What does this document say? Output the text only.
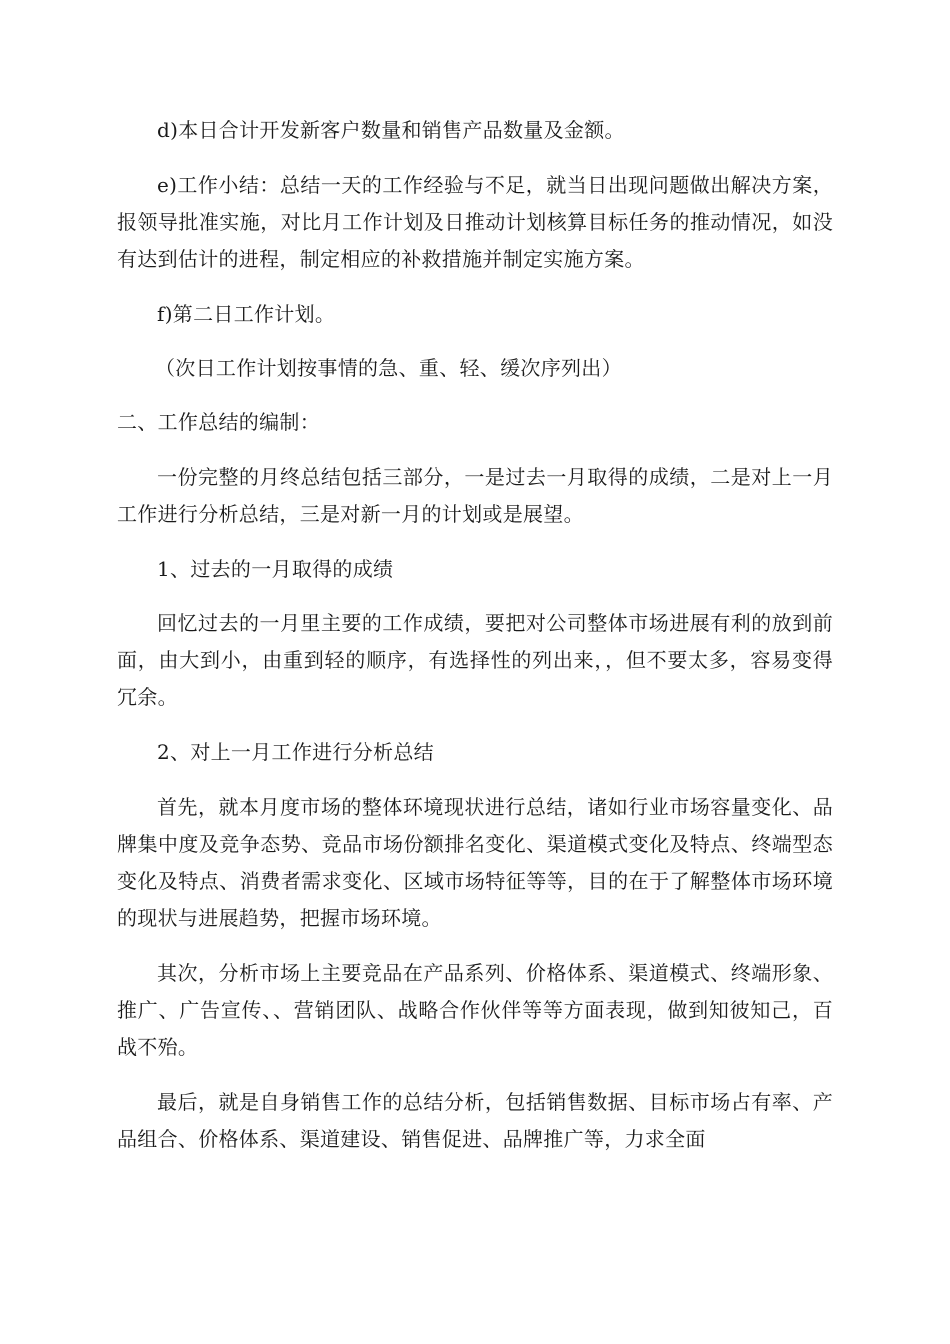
d)本日合计开发新客户数量和销售产品数量及金额。

e)工作小结：总结一天的工作经验与不足，就当日出现问题做出解决方案，报领导批准实施，对比月工作计划及日推动计划核算目标任务的推动情况，如没有达到估计的进程，制定相应的补救措施并制定实施方案。

f)第二日工作计划。

（次日工作计划按事情的急、重、轻、缓次序列出）

二、工作总结的编制：

一份完整的月终总结包括三部分，一是过去一月取得的成绩，二是对上一月工作进行分析总结，三是对新一月的计划或是展望。

1、过去的一月取得的成绩

回忆过去的一月里主要的工作成绩，要把对公司整体市场进展有利的放到前面，由大到小，由重到轻的顺序，有选择性的列出来，，但不要太多，容易变得冗余。

2、对上一月工作进行分析总结

首先，就本月度市场的整体环境现状进行总结，诸如行业市场容量变化、品牌集中度及竞争态势、竞品市场份额排名变化、渠道模式变化及特点、终端型态变化及特点、消费者需求变化、区域市场特征等等，目的在于了解整体市场环境的现状与进展趋势，把握市场环境。

其次，分析市场上主要竞品在产品系列、价格体系、渠道模式、终端形象、推广、广告宣传、、营销团队、战略合作伙伴等等方面表现，做到知彼知己，百战不殆。

最后，就是自身销售工作的总结分析，包括销售数据、目标市场占有率、产品组合、价格体系、渠道建设、销售促进、品牌推广等，力求全面
